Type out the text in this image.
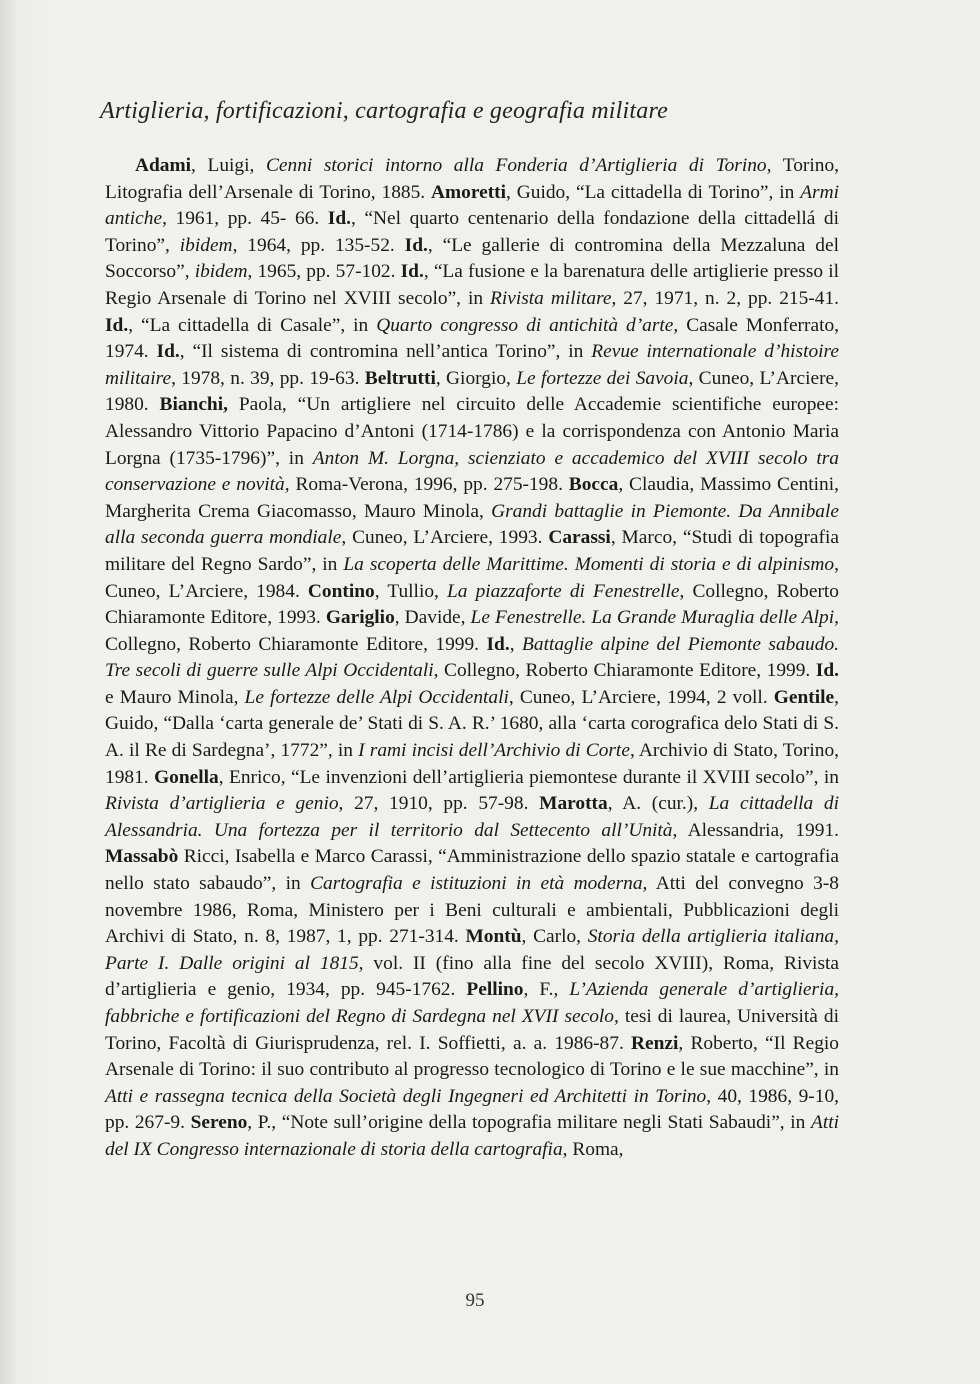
Artiglieria, fortificazioni, cartografia e geografia militare

Adami, Luigi, Cenni storici intorno alla Fonderia d’Artiglieria di Torino, Torino, Litografia dell’Arsenale di Torino, 1885. Amoretti, Guido, “La cittadella di Torino”, in Armi antiche, 1961, pp. 45- 66. Id., “Nel quarto centenario della fondazione della cittadellá di Torino”, ibidem, 1964, pp. 135-52. Id., “Le gallerie di contromina della Mezzaluna del Soccorso”, ibidem, 1965, pp. 57-102. Id., “La fusione e la barenatura delle artiglierie presso il Regio Arsenale di Torino nel XVIII secolo”, in Rivista militare, 27, 1971, n. 2, pp. 215-41. Id., “La cittadella di Casale”, in Quarto congresso di antichità d’arte, Casale Monferrato, 1974. Id., “Il sistema di contromina nell’antica Torino”, in Revue internationale d’histoire militaire, 1978, n. 39, pp. 19-63. Beltrutti, Giorgio, Le fortezze dei Savoia, Cuneo, L’Arciere, 1980. Bianchi, Paola, “Un artigliere nel circuito delle Accademie scientifiche europee: Alessandro Vittorio Papacino d’Antoni (1714-1786) e la corrispondenza con Antonio Maria Lorgna (1735-1796)”, in Anton M. Lorgna, scienziato e accademico del XVIII secolo tra conservazione e novità, Roma-Verona, 1996, pp. 275-198. Bocca, Claudia, Massimo Centini, Margherita Crema Giacomasso, Mauro Minola, Grandi battaglie in Piemonte. Da Annibale alla seconda guerra mondiale, Cuneo, L’Arciere, 1993. Carassi, Marco, “Studi di topografia militare del Regno Sardo”, in La scoperta delle Marittime. Momenti di storia e di alpinismo, Cuneo, L’Arciere, 1984. Contino, Tullio, La piazzaforte di Fenestrelle, Collegno, Roberto Chiaramonte Editore, 1993. Gariglio, Davide, Le Fenestrelle. La Grande Muraglia delle Alpi, Collegno, Roberto Chiaramonte Editore, 1999. Id., Battaglie alpine del Piemonte sabaudo. Tre secoli di guerre sulle Alpi Occidentali, Collegno, Roberto Chiaramonte Editore, 1999. Id. e Mauro Minola, Le fortezze delle Alpi Occidentali, Cuneo, L’Arciere, 1994, 2 voll. Gentile, Guido, “Dalla ‘carta generale de’ Stati di S. A. R.’ 1680, alla ‘carta corografica delo Stati di S. A. il Re di Sardegna’, 1772”, in I rami incisi dell’Archivio di Corte, Archivio di Stato, Torino, 1981. Gonella, Enrico, “Le invenzioni dell’artiglieria piemontese durante il XVIII secolo”, in Rivista d’artiglieria e genio, 27, 1910, pp. 57-98. Marotta, A. (cur.), La cittadella di Alessandria. Una fortezza per il territorio dal Settecento all’Unità, Alessandria, 1991. Massabò Ricci, Isabella e Marco Carassi, “Amministrazione dello spazio statale e cartografia nello stato sabaudo”, in Cartografia e istituzioni in età moderna, Atti del convegno 3-8 novembre 1986, Roma, Ministero per i Beni culturali e ambientali, Pubblicazioni degli Archivi di Stato, n. 8, 1987, 1, pp. 271-314. Montù, Carlo, Storia della artiglieria italiana, Parte I. Dalle origini al 1815, vol. II (fino alla fine del secolo XVIII), Roma, Rivista d’artiglieria e genio, 1934, pp. 945-1762. Pellino, F., L’Azienda generale d’artiglieria, fabbriche e fortificazioni del Regno di Sardegna nel XVII secolo, tesi di laurea, Università di Torino, Facoltà di Giurisprudenza, rel. I. Soffietti, a. a. 1986-87. Renzi, Roberto, “Il Regio Arsenale di Torino: il suo contributo al progresso tecnologico di Torino e le sue macchine”, in Atti e rassegna tecnica della Società degli Ingegneri ed Architetti in Torino, 40, 1986, 9-10, pp. 267-9. Sereno, P., “Note sull’origine della topografia militare negli Stati Sabaudi”, in Atti del IX Congresso internazionale di storia della cartografia, Roma,

95
